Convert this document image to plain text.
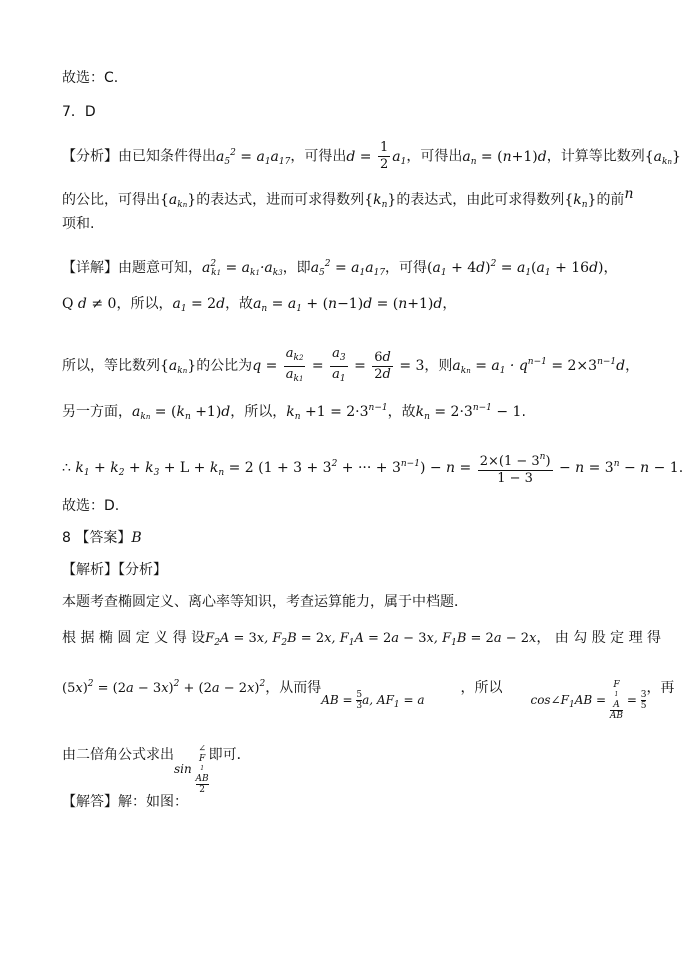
故选：C.
7．D
【分析】由已知条件得出$a_5^2 = a_1a_{17}$，可得出$d = \frac{1}{2} a_1$，可得出$a_n = (n+1)d$，计算等比数列$\{a_{kn}\}$
的公比，可得出$\{a_{kn}\}$的表达式，进而可求得数列$\{k_n\}$的表达式，由此可求得数列$\{k_n\}$的前n
项和.
【详解】由题意可知，$a^2_{k1} = a_{k1}\cdot a_{k3}$，即$a_5^2 = a_1a_{17}$，可得$(a_1 + 4d)^2 = a_1(a_1 + 16d)$，
Q d ≠ 0，所以，$a_1 = 2d$，故$a_n = a_1 + (n-1)d = (n+1)d$，
所以，等比数列$\{a_{kn}\}$的公比为$q = \frac{a_{k2}}{a_{k1}} = \frac{a_3}{a_1} = \frac{6d}{2d} = 3$，则$a_{kn} = a_1 \cdot q^{n-1} = 2\times 3^{n-1}d$，
另一方面，$a_{kn} = (k_n +1)d$，所以，$k_n +1 = 2\cdot 3^{n-1}$，故$k_n = 2\cdot 3^{n-1} - 1$.
∴ $k_1 + k_2 + k_3 + L + k_n = 2$ ($1 + 3 + 3^2$ + ··· + $3^{n-1}) - n = \frac{2\times(1 - 3^n)}{1 - 3} - n = 3^n - n - 1$.
故选：D.
8 【答案】B
【解析】【分析】
本题考查椭圆定义、离心率等知识，考查运算能力，属于中档题．
根 据 椭 圆 定 义 得 设$F_2A = 3x$, $F_2B = 2x$, $F_1A = 2a - 3x$, $F_1B = 2a - 2x$， 由 勾 股 定 理 得
$(5x)^2 = (2a - 3x)^2 + (2a - 2x)^2$，从而得AB = $\frac{5}{3} a$, $AF_1 = a$，所以$\cos\angle F_1AB = F$
1
A
AB = $\frac{3}{5}$
，再
由二倍角公式求出sin ∠
F
1
AB
2 即可．
【解答】解：如图：
